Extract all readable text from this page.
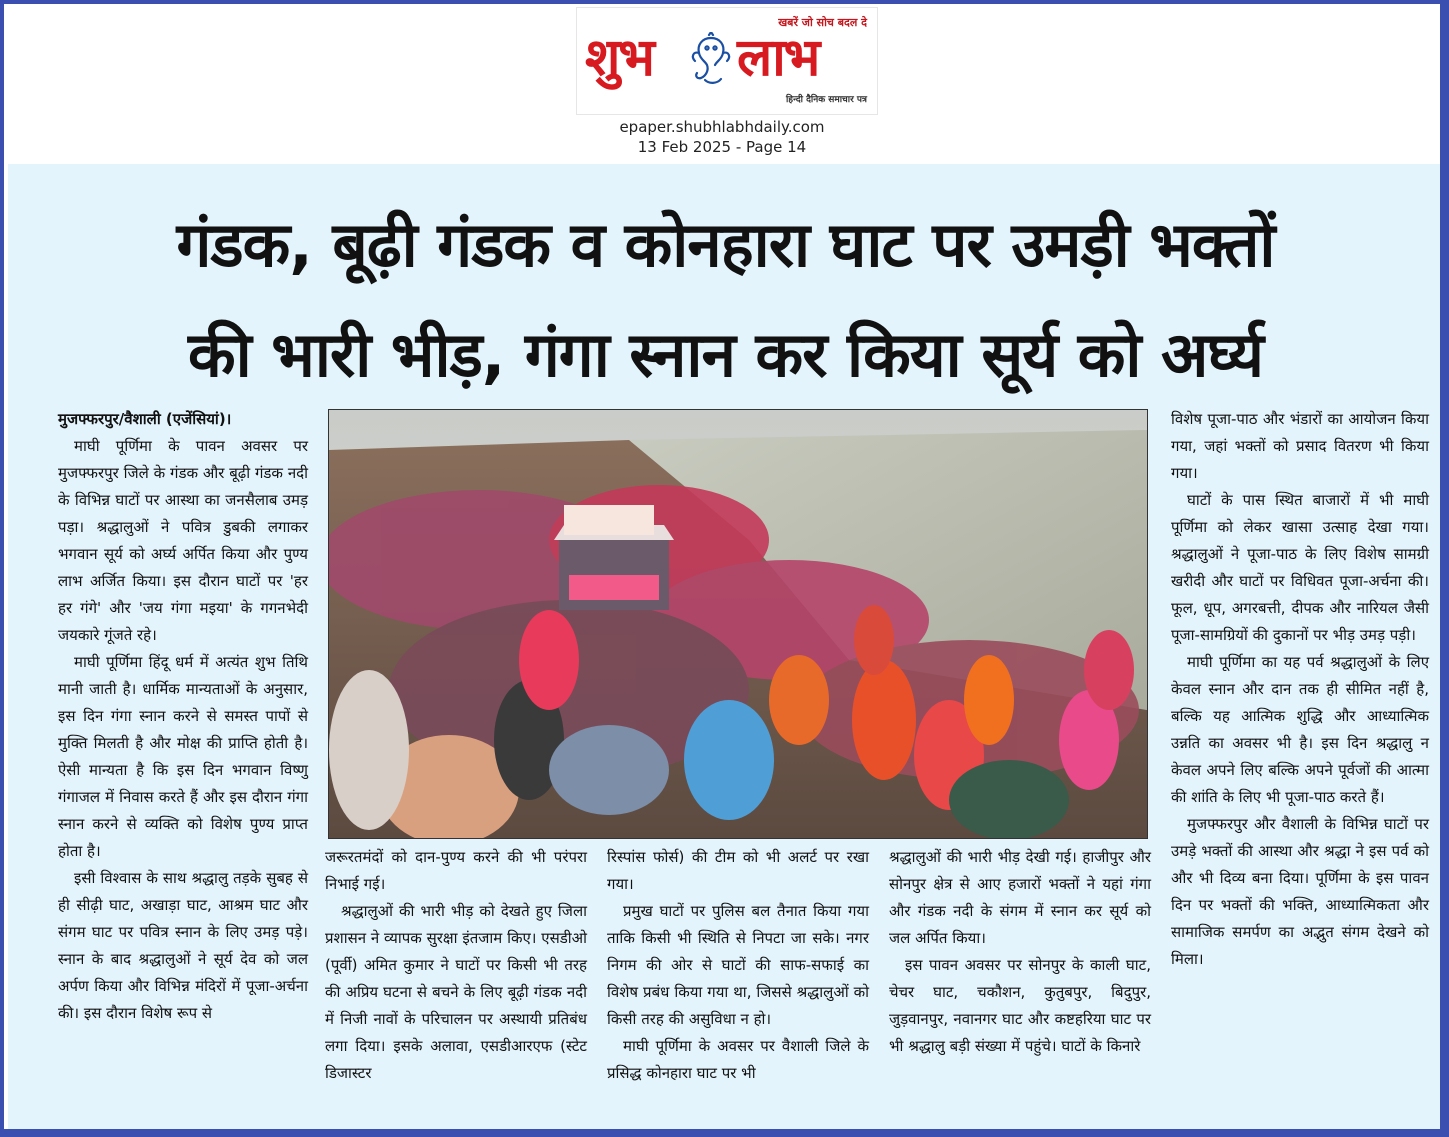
खबरें जो सोच बदल दे
शुभ लाभ
हिन्दी दैनिक समाचार पत्र
epaper.shubhlabhdaily.com
13 Feb 2025 - Page 14
गंडक, बूढ़ी गंडक व कोनहारा घाट पर उमड़ी भक्तों
की भारी भीड़, गंगा स्नान कर किया सूर्य को अर्घ्य

मुजफ्फरपुर/वैशाली (एजेंसियां)।

माघी पूर्णिमा के पावन अवसर पर मुजफ्फरपुर जिले के गंडक और बूढ़ी गंडक नदी के विभिन्न घाटों पर आस्था का जनसैलाब उमड़ पड़ा। श्रद्धालुओं ने पवित्र डुबकी लगाकर भगवान सूर्य को अर्घ्य अर्पित किया और पुण्य लाभ अर्जित किया। इस दौरान घाटों पर 'हर हर गंगे' और 'जय गंगा मइया' के गगनभेदी जयकारे गूंजते रहे।

माघी पूर्णिमा हिंदू धर्म में अत्यंत शुभ तिथि मानी जाती है। धार्मिक मान्यताओं के अनुसार, इस दिन गंगा स्नान करने से समस्त पापों से मुक्ति मिलती है और मोक्ष की प्राप्ति होती है। ऐसी मान्यता है कि इस दिन भगवान विष्णु गंगाजल में निवास करते हैं और इस दौरान गंगा स्नान करने से व्यक्ति को विशेष पुण्य प्राप्त होता है।

इसी विश्वास के साथ श्रद्धालु तड़के सुबह से ही सीढ़ी घाट, अखाड़ा घाट, आश्रम घाट और संगम घाट पर पवित्र स्नान के लिए उमड़ पड़े। स्नान के बाद श्रद्धालुओं ने सूर्य देव को जल अर्पण किया और विभिन्न मंदिरों में पूजा-अर्चना की। इस दौरान विशेष रूप से

जरूरतमंदों को दान-पुण्य करने की भी परंपरा निभाई गई।

श्रद्धालुओं की भारी भीड़ को देखते हुए जिला प्रशासन ने व्यापक सुरक्षा इंतजाम किए। एसडीओ (पूर्वी) अमित कुमार ने घाटों पर किसी भी तरह की अप्रिय घटना से बचने के लिए बूढ़ी गंडक नदी में निजी नावों के परिचालन पर अस्थायी प्रतिबंध लगा दिया। इसके अलावा, एसडीआरएफ (स्टेट डिजास्टर

रिस्पांस फोर्स) की टीम को भी अलर्ट पर रखा गया।

प्रमुख घाटों पर पुलिस बल तैनात किया गया ताकि किसी भी स्थिति से निपटा जा सके। नगर निगम की ओर से घाटों की साफ-सफाई का विशेष प्रबंध किया गया था, जिससे श्रद्धालुओं को किसी तरह की असुविधा न हो।

माघी पूर्णिमा के अवसर पर वैशाली जिले के प्रसिद्ध कोनहारा घाट पर भी

श्रद्धालुओं की भारी भीड़ देखी गई। हाजीपुर और सोनपुर क्षेत्र से आए हजारों भक्तों ने यहां गंगा और गंडक नदी के संगम में स्नान कर सूर्य को जल अर्पित किया।

इस पावन अवसर पर सोनपुर के काली घाट, चेचर घाट, चकौशन, कुतुबपुर, बिदुपुर, जुड़वानपुर, नवानगर घाट और कष्टहरिया घाट पर भी श्रद्धालु बड़ी संख्या में पहुंचे। घाटों के किनारे

विशेष पूजा-पाठ और भंडारों का आयोजन किया गया, जहां भक्तों को प्रसाद वितरण भी किया गया।

घाटों के पास स्थित बाजारों में भी माघी पूर्णिमा को लेकर खासा उत्साह देखा गया। श्रद्धालुओं ने पूजा-पाठ के लिए विशेष सामग्री खरीदी और घाटों पर विधिवत पूजा-अर्चना की। फूल, धूप, अगरबत्ती, दीपक और नारियल जैसी पूजा-सामग्रियों की दुकानों पर भीड़ उमड़ पड़ी।

माघी पूर्णिमा का यह पर्व श्रद्धालुओं के लिए केवल स्नान और दान तक ही सीमित नहीं है, बल्कि यह आत्मिक शुद्धि और आध्यात्मिक उन्नति का अवसर भी है। इस दिन श्रद्धालु न केवल अपने लिए बल्कि अपने पूर्वजों की आत्मा की शांति के लिए भी पूजा-पाठ करते हैं।

मुजफ्फरपुर और वैशाली के विभिन्न घाटों पर उमड़े भक्तों की आस्था और श्रद्धा ने इस पर्व को और भी दिव्य बना दिया। पूर्णिमा के इस पावन दिन पर भक्तों की भक्ति, आध्यात्मिकता और सामाजिक समर्पण का अद्भुत संगम देखने को मिला।
